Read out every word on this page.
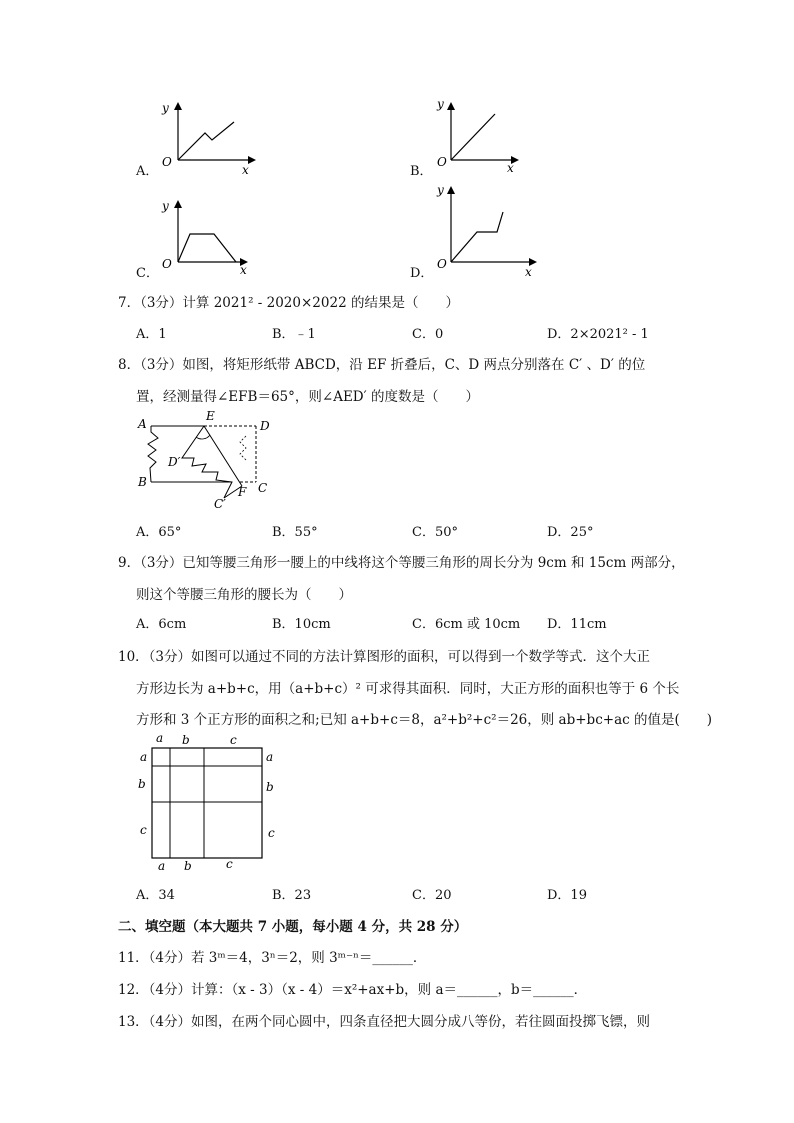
y
O
x
A．
y
O	x
B．
y
O	x
C．
y
O
x
D．
7．（3分）计算 2021² - 2020×2022 的结果是（　　）
A．1	B．﹣1	C．0	D．2×2021² - 1
8．（3分）如图，将矩形纸带 ABCD，沿 EF 折叠后，C、D 两点分别落在 C′ 、D′ 的位
置，经测量得∠EFB＝65°，则∠AED′ 的度数是（　　）
A
E
D
D′
B
F C
C′
A．65°	B．55°	C．50°	D．25°
9．（3分）已知等腰三角形一腰上的中线将这个等腰三角形的周长分为 9cm 和 15cm 两部分，
则这个等腰三角形的腰长为（　　）
A．6cm	B．10cm	C．6cm 或 10cm D．11cm
10．（3分）如图可以通过不同的方法计算图形的面积，可以得到一个数学等式．这个大正
方形边长为 a+b+c，用（a+b+c）² 可求得其面积．同时，大正方形的面积也等于 6 个长
方形和 3 个正方形的面积之和;已知 a+b+c＝8，a²+b²+c²＝26，则 ab+bc+ac 的值是(　　)
a b	c
a
b
c
a
b
c
a b	c
A．34	B．23	C．20	D．19
二、填空题（本大题共 7 小题，每小题 4 分，共 28 分）
11．（4分）若 3ᵐ＝4，3ⁿ＝2，则 3ᵐ⁻ⁿ＝______．
12．（4分）计算：（x - 3）（x - 4）＝x²+ax+b，则 a＝______，b＝______．
13．（4分）如图，在两个同心圆中，四条直径把大圆分成八等份，若往圆面投掷飞镖，则
